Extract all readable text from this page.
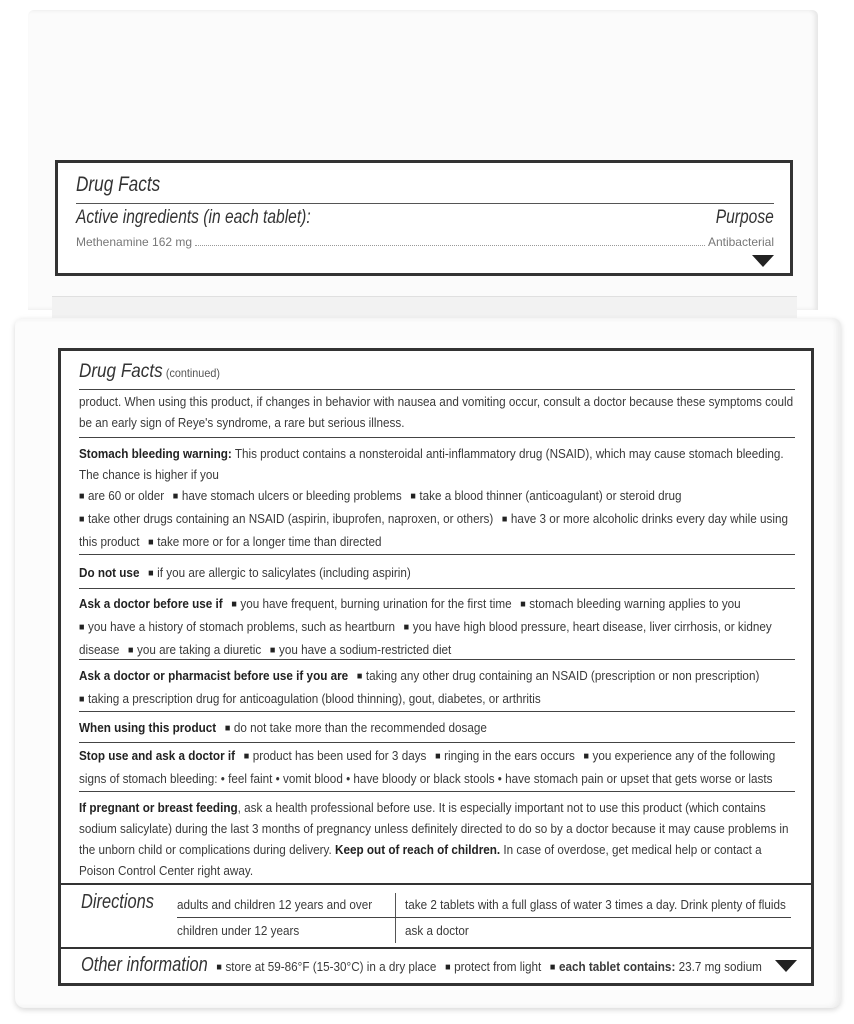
Drug Facts
Active ingredients (in each tablet):	Purpose
Methenamine 162 mg	Antibacterial
Drug Facts (continued)
product. When using this product, if changes in behavior with nausea and vomiting occur, consult a doctor because these symptoms could be an early sign of Reye's syndrome, a rare but serious illness.
Stomach bleeding warning: This product contains a nonsteroidal anti-inflammatory drug (NSAID), which may cause stomach bleeding. The chance is higher if you
■ are 60 or older ■ have stomach ulcers or bleeding problems ■ take a blood thinner (anticoagulant) or steroid drug
■ take other drugs containing an NSAID (aspirin, ibuprofen, naproxen, or others) ■ have 3 or more alcoholic drinks every day while using this product ■ take more or for a longer time than directed
Do not use ■ if you are allergic to salicylates (including aspirin)
Ask a doctor before use if ■ you have frequent, burning urination for the first time ■ stomach bleeding warning applies to you
■ you have a history of stomach problems, such as heartburn ■ you have high blood pressure, heart disease, liver cirrhosis, or kidney disease ■ you are taking a diuretic ■ you have a sodium-restricted diet
Ask a doctor or pharmacist before use if you are ■ taking any other drug containing an NSAID (prescription or non prescription)
■ taking a prescription drug for anticoagulation (blood thinning), gout, diabetes, or arthritis
When using this product ■ do not take more than the recommended dosage
Stop use and ask a doctor if ■ product has been used for 3 days ■ ringing in the ears occurs ■ you experience any of the following signs of stomach bleeding: • feel faint • vomit blood • have bloody or black stools • have stomach pain or upset that gets worse or lasts
If pregnant or breast feeding, ask a health professional before use. It is especially important not to use this product (which contains sodium salicylate) during the last 3 months of pregnancy unless definitely directed to do so by a doctor because it may cause problems in the unborn child or complications during delivery. Keep out of reach of children. In case of overdose, get medical help or contact a Poison Control Center right away.
Directions adults and children 12 years and over	take 2 tablets with a full glass of water 3 times a day. Drink plenty of fluids
children under 12 years	ask a doctor
Other information ■ store at 59-86°F (15-30°C) in a dry place ■ protect from light ■ each tablet contains: 23.7 mg sodium
